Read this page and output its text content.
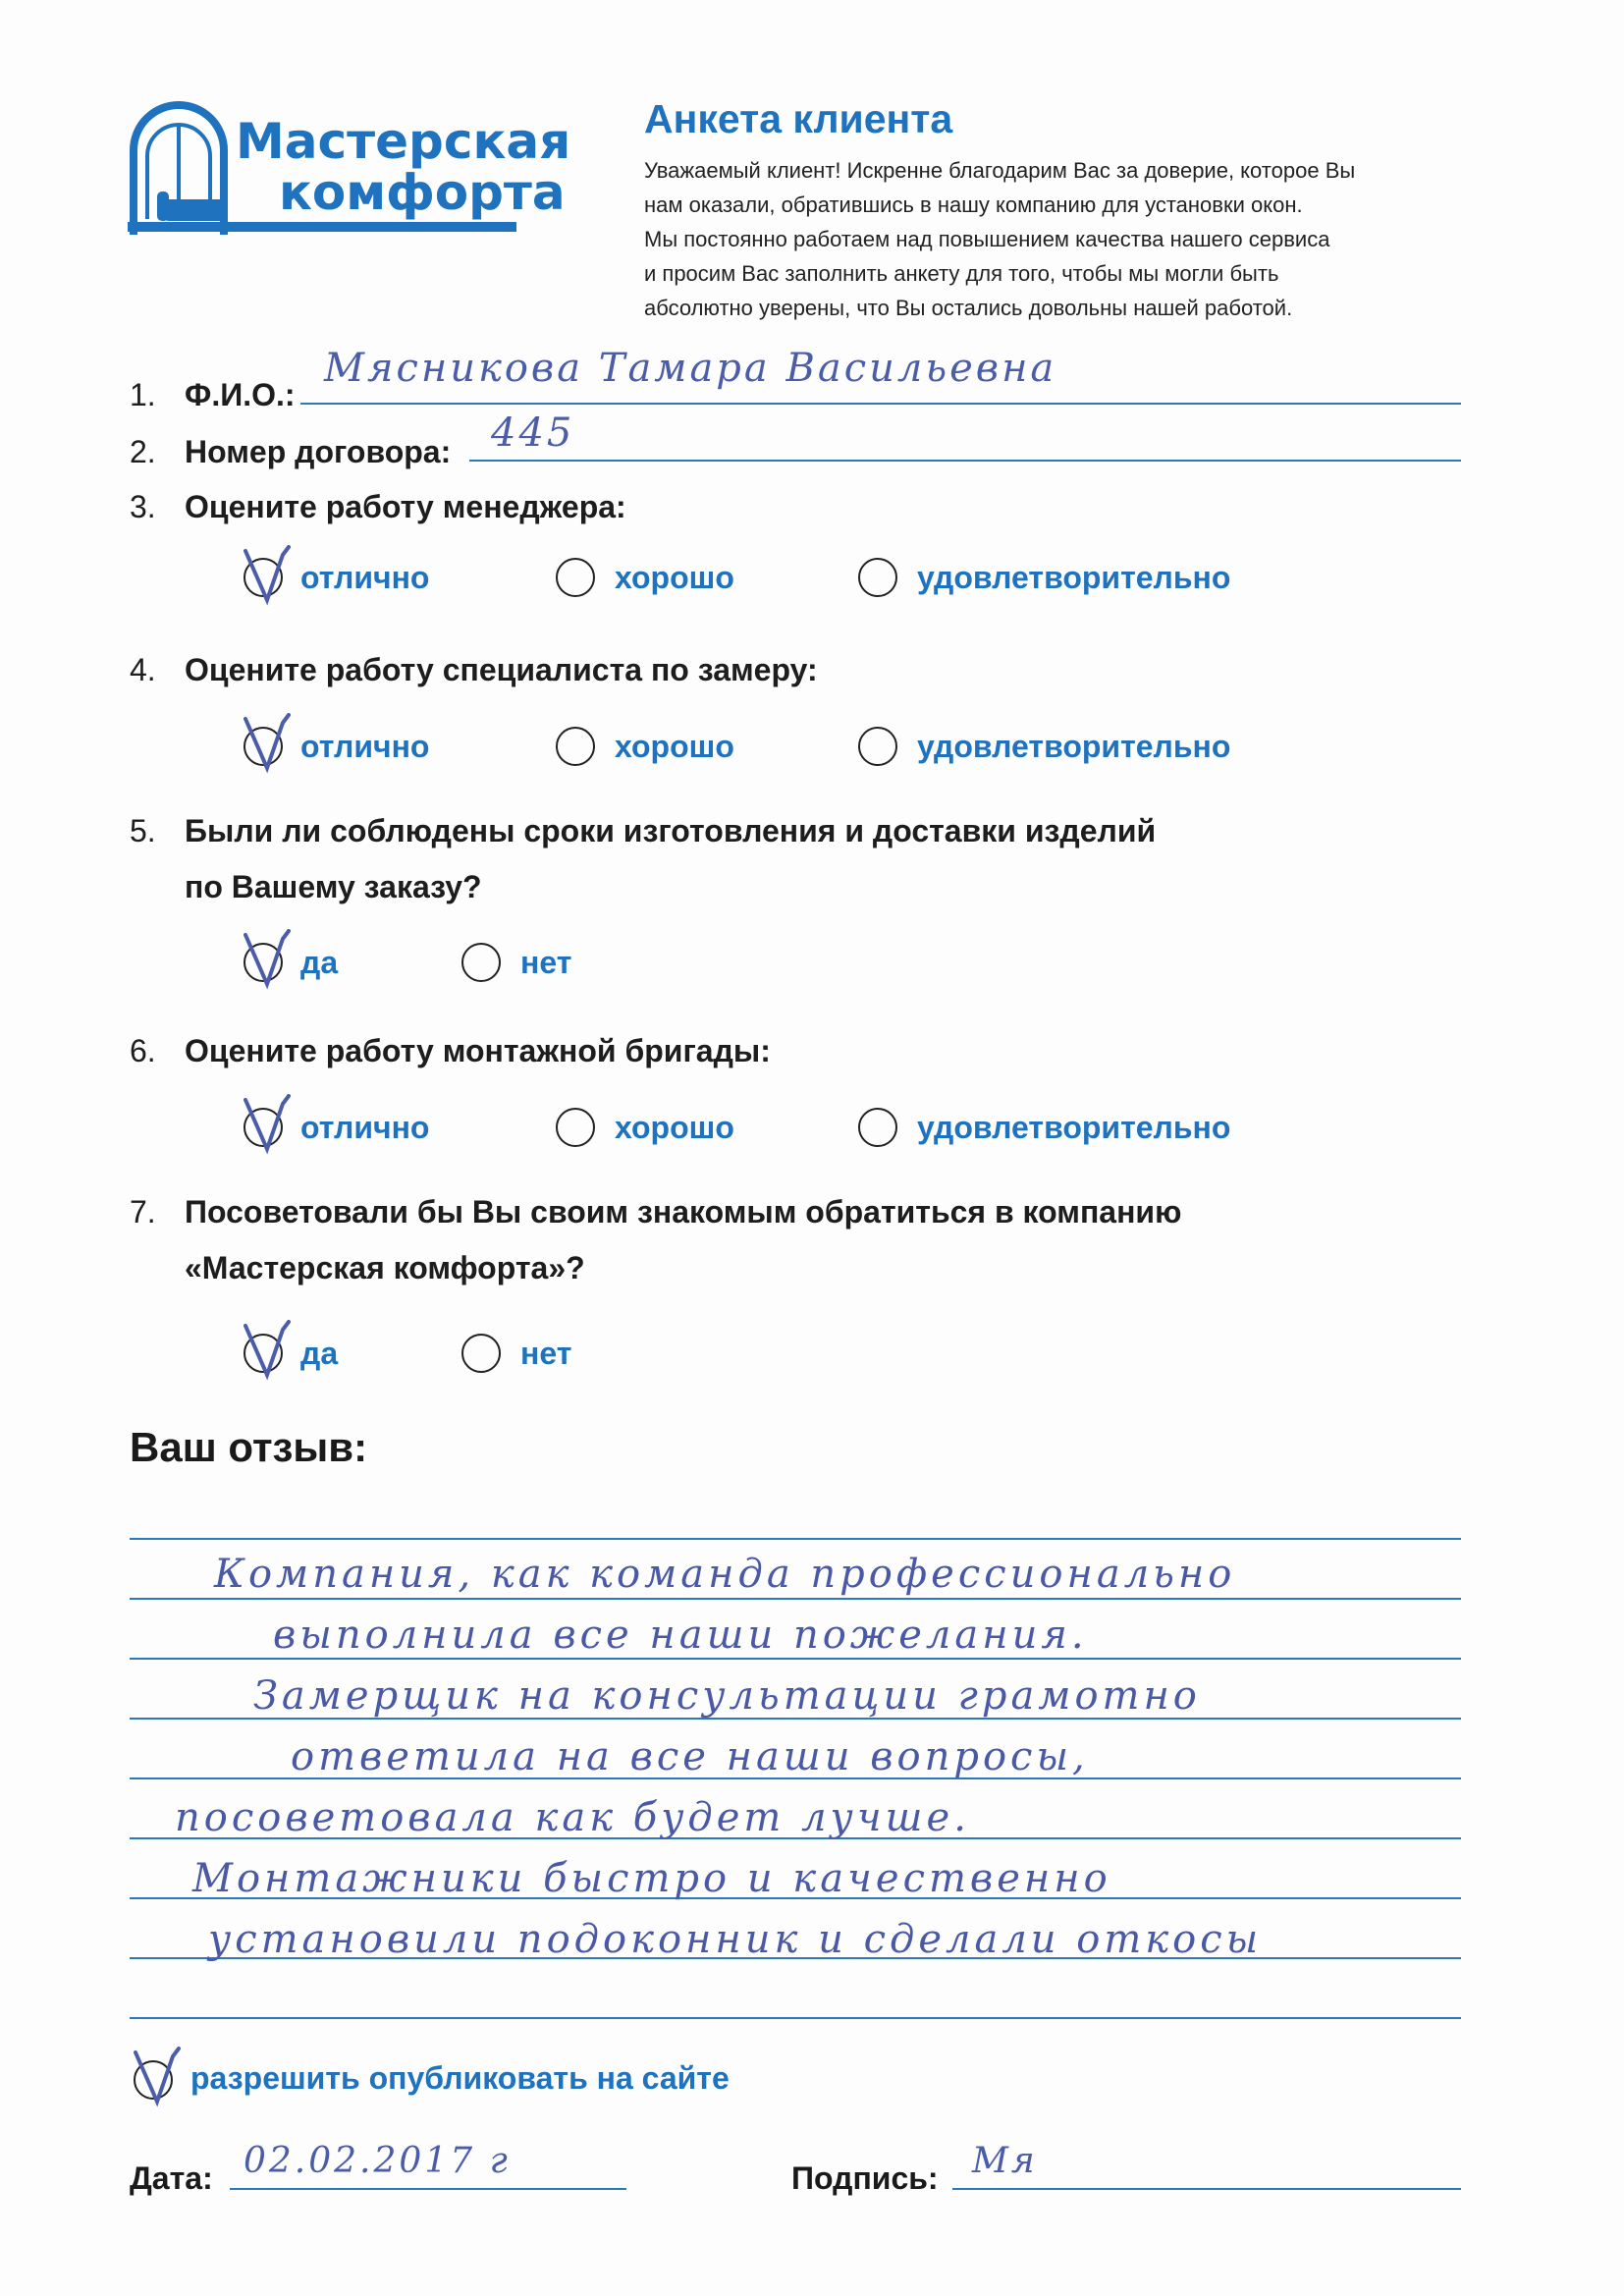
Мастерская
комфорта
Анкета клиента
Уважаемый клиент! Искренне благодарим Вас за доверие, которое Вы
нам оказали, обратившись в нашу компанию для установки окон.
Мы постоянно работаем над повышением качества нашего сервиса
и просим Вас заполнить анкету для того, чтобы мы могли быть
абсолютно уверены, что Вы остались довольны нашей работой.
1. Ф.И.О.:
Мясникова Тамара Васильевна
2. Номер договора: 445
3. Оцените работу менеджера:
отлично	хорошо	удовлетворительно
4. Оцените работу специалиста по замеру:
отлично	хорошо	удовлетворительно
5. Были ли соблюдены сроки изготовления и доставки изделий
по Вашему заказу?
да	нет
6. Оцените работу монтажной бригады:
отлично	хорошо	удовлетворительно
7. Посоветовали бы Вы своим знакомым обратиться в компанию
«Мастерская комфорта»?
да	нет
Ваш отзыв:
Компания, как команда профессионально
выполнила все наши пожелания.
Замерщик на консультации грамотно
ответила на все наши вопросы,
посоветовала как будет лучше.
Монтажники быстро и качественно
установили подоконник и сделали откосы
разрешить опубликовать на сайте
Дата: 02.02.2017 г	Подпись: Мя
